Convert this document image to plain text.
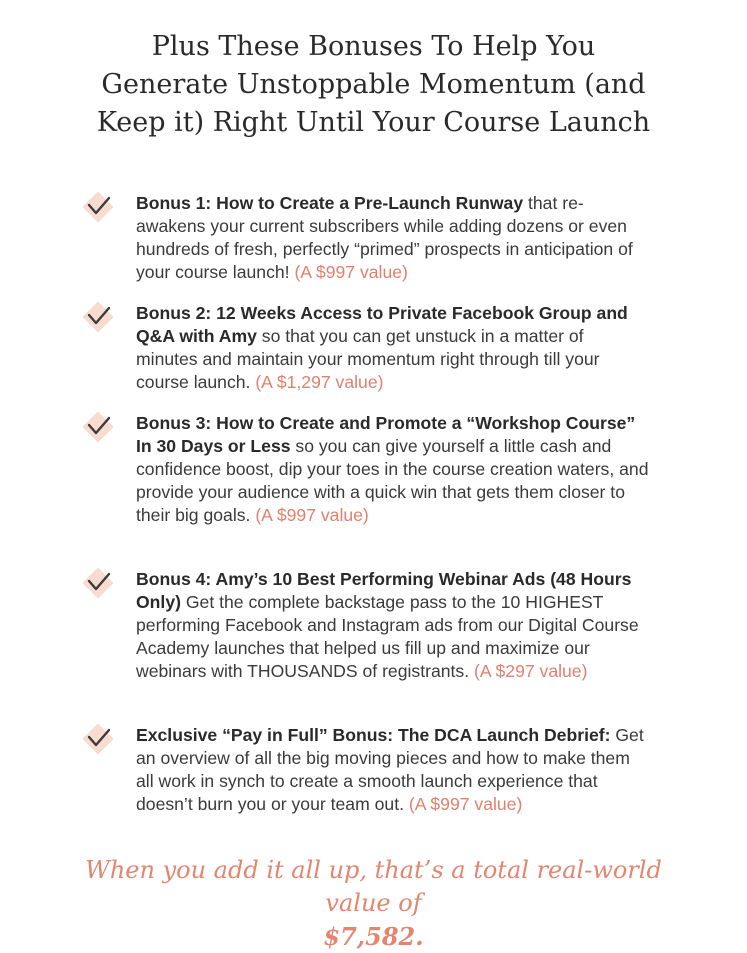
Plus These Bonuses To Help You
Generate Unstoppable Momentum (and
Keep it) Right Until Your Course Launch

Bonus 1: How to Create a Pre-Launch Runway that re-awakens your current subscribers while adding dozens or even hundreds of fresh, perfectly “primed” prospects in anticipation of your course launch! (A $997 value)

Bonus 2: 12 Weeks Access to Private Facebook Group and Q&A with Amy so that you can get unstuck in a matter of minutes and maintain your momentum right through till your course launch. (A $1,297 value)

Bonus 3: How to Create and Promote a “Workshop Course” In 30 Days or Less so you can give yourself a little cash and confidence boost, dip your toes in the course creation waters, and provide your audience with a quick win that gets them closer to their big goals. (A $997 value)

Bonus 4: Amy’s 10 Best Performing Webinar Ads (48 Hours Only) Get the complete backstage pass to the 10 HIGHEST performing Facebook and Instagram ads from our Digital Course Academy launches that helped us fill up and maximize our webinars with THOUSANDS of registrants. (A $297 value)

Exclusive “Pay in Full” Bonus: The DCA Launch Debrief: Get an overview of all the big moving pieces and how to make them all work in synch to create a smooth launch experience that doesn’t burn you or your team out. (A $997 value)

When you add it all up, that’s a total real-world
value of
$7,582.
